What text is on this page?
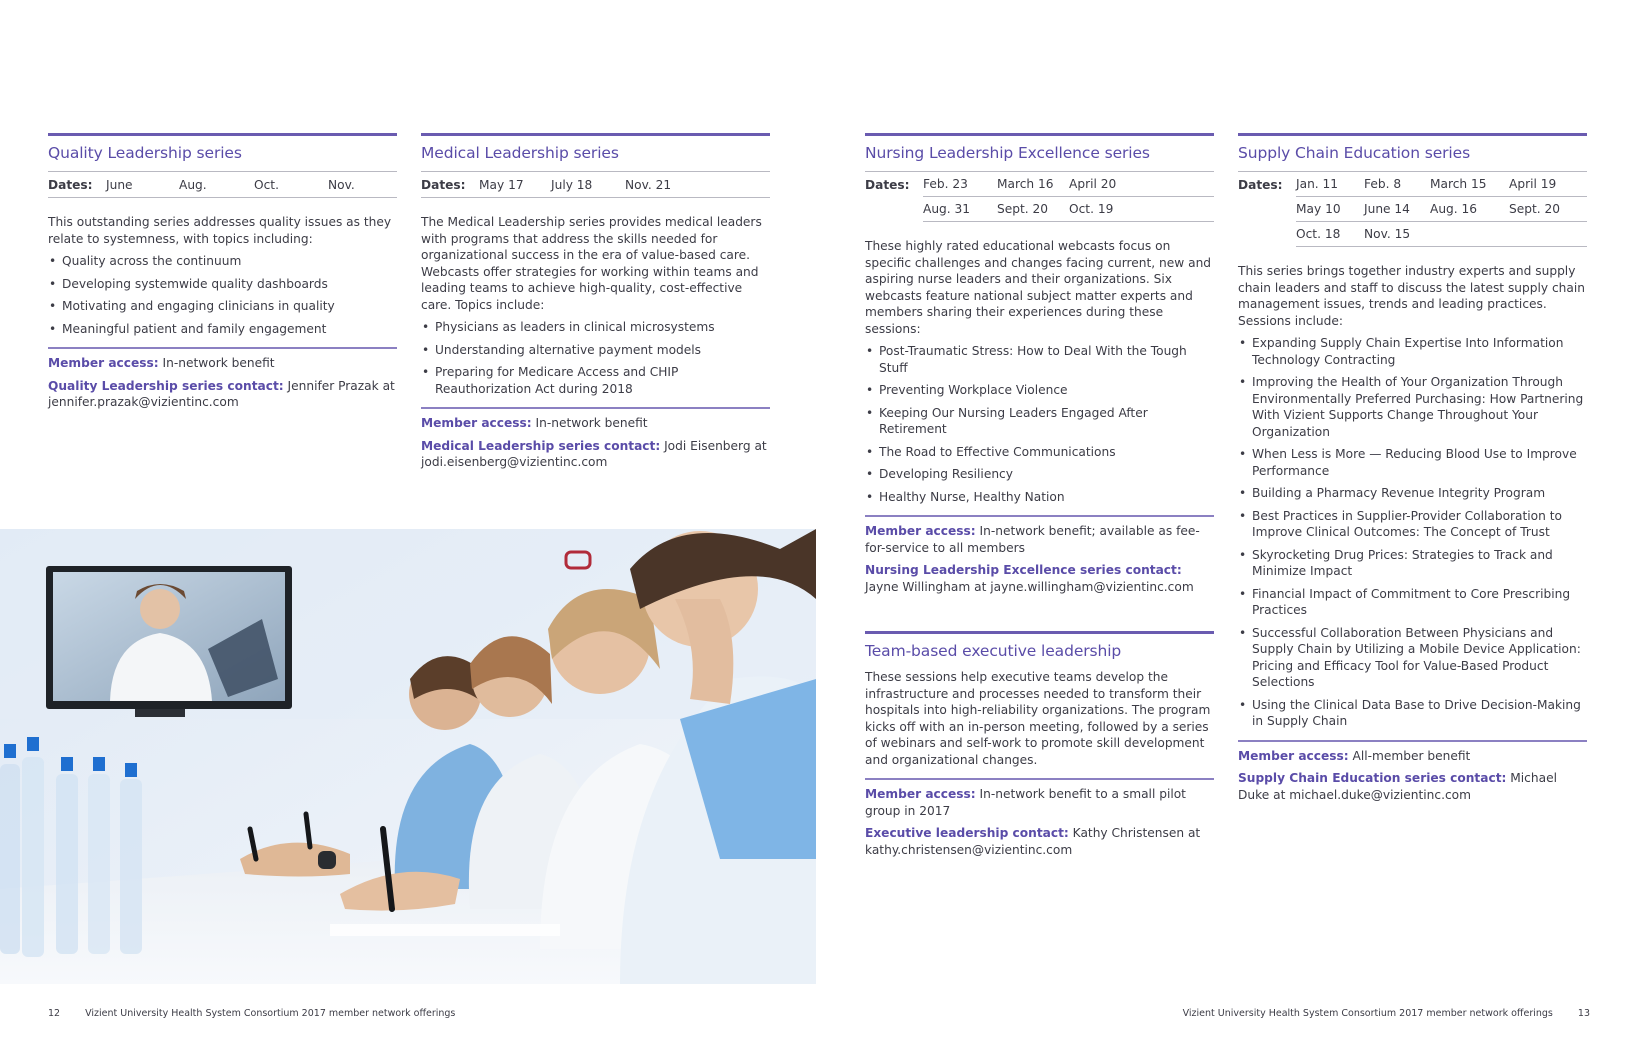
Quality Leadership series
Dates:	June	Aug.	Oct.	Nov.

This outstanding series addresses quality issues as they relate to systemness, with topics including:

• Quality across the continuum
• Developing systemwide quality dashboards
• Motivating and engaging clinicians in quality
• Meaningful patient and family engagement
Member access: In-network benefit
Quality Leadership series contact: Jennifer Prazak at jennifer.prazak@vizientinc.com
Medical Leadership series
Dates:	May 17	July 18	Nov. 21

The Medical Leadership series provides medical leaders with programs that address the skills needed for organizational success in the era of value-based care. Webcasts offer strategies for working within teams and leading teams to achieve high-quality, cost-effective care. Topics include:

• Physicians as leaders in clinical microsystems
• Understanding alternative payment models
• Preparing for Medicare Access and CHIP Reauthorization Act during 2018
Member access: In-network benefit
Medical Leadership series contact: Jodi Eisenberg at jodi.eisenberg@vizientinc.com
Nursing Leadership Excellence series
Dates:	Feb. 23	March 16	April 20
Aug. 31	Sept. 20	Oct. 19

These highly rated educational webcasts focus on specific challenges and changes facing current, new and aspiring nurse leaders and their organizations. Six webcasts feature national subject matter experts and members sharing their experiences during these sessions:

• Post-Traumatic Stress: How to Deal With the Tough Stuff
• Preventing Workplace Violence
• Keeping Our Nursing Leaders Engaged After Retirement
• The Road to Effective Communications
• Developing Resiliency
• Healthy Nurse, Healthy Nation
Member access: In-network benefit; available as fee-for-service to all members
Nursing Leadership Excellence series contact:
Jayne Willingham at jayne.willingham@vizientinc.com
Team-based executive leadership

These sessions help executive teams develop the infrastructure and processes needed to transform their hospitals into high-reliability organizations. The program kicks off with an in-person meeting, followed by a series of webinars and self-work to promote skill development and organizational changes.

Member access: In-network benefit to a small pilot group in 2017
Executive leadership contact: Kathy Christensen at kathy.christensen@vizientinc.com
Supply Chain Education series
Dates:	Jan. 11	Feb. 8	March 15	April 19
May 10	June 14	Aug. 16	Sept. 20
Oct. 18	Nov. 15

This series brings together industry experts and supply chain leaders and staff to discuss the latest supply chain management issues, trends and leading practices. Sessions include:

• Expanding Supply Chain Expertise Into Information Technology Contracting
• Improving the Health of Your Organization Through Environmentally Preferred Purchasing: How Partnering With Vizient Supports Change Throughout Your Organization
• When Less is More — Reducing Blood Use to Improve Performance
• Building a Pharmacy Revenue Integrity Program
• Best Practices in Supplier-Provider Collaboration to Improve Clinical Outcomes: The Concept of Trust
• Skyrocketing Drug Prices: Strategies to Track and Minimize Impact
• Financial Impact of Commitment to Core Prescribing Practices
• Successful Collaboration Between Physicians and Supply Chain by Utilizing a Mobile Device Application: Pricing and Efficacy Tool for Value-Based Product Selections
• Using the Clinical Data Base to Drive Decision-Making in Supply Chain
Member access: All-member benefit
Supply Chain Education series contact: Michael Duke at michael.duke@vizientinc.com
12	Vizient University Health System Consortium 2017 member network offerings	Vizient University Health System Consortium 2017 member network offerings	13
